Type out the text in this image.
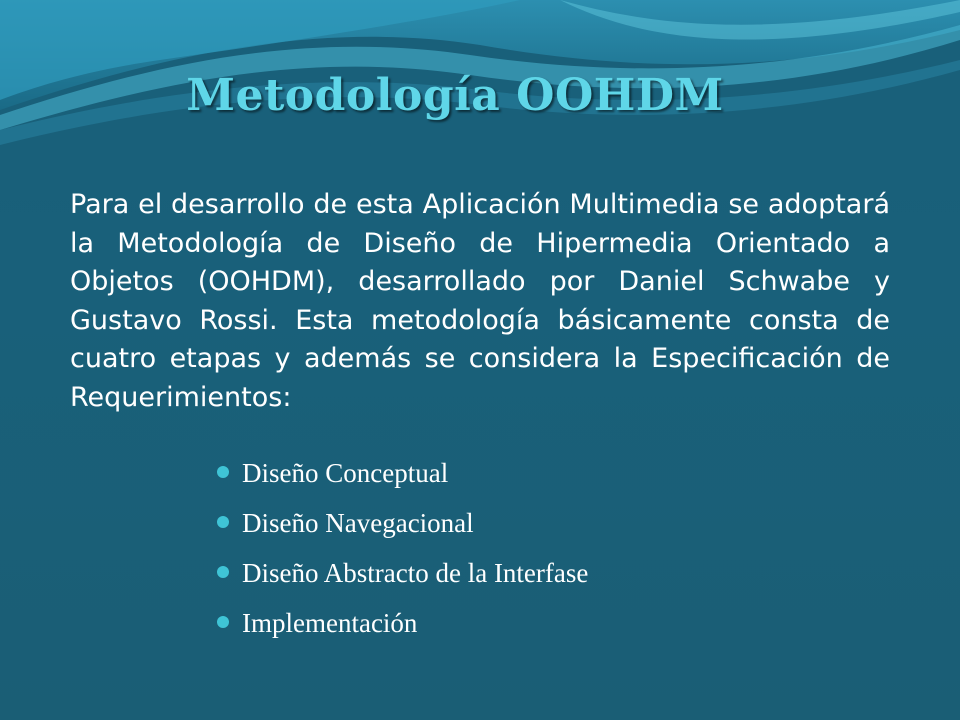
Metodología OOHDM

Para el desarrollo de esta Aplicación Multimedia se adoptará la Metodología de Diseño de Hipermedia Orientado a Objetos (OOHDM), desarrollado por Daniel Schwabe y Gustavo Rossi. Esta metodología básicamente consta de cuatro etapas y además se considera la Especificación de Requerimientos:

Diseño Conceptual
Diseño Navegacional
Diseño Abstracto de la Interfase
Implementación
